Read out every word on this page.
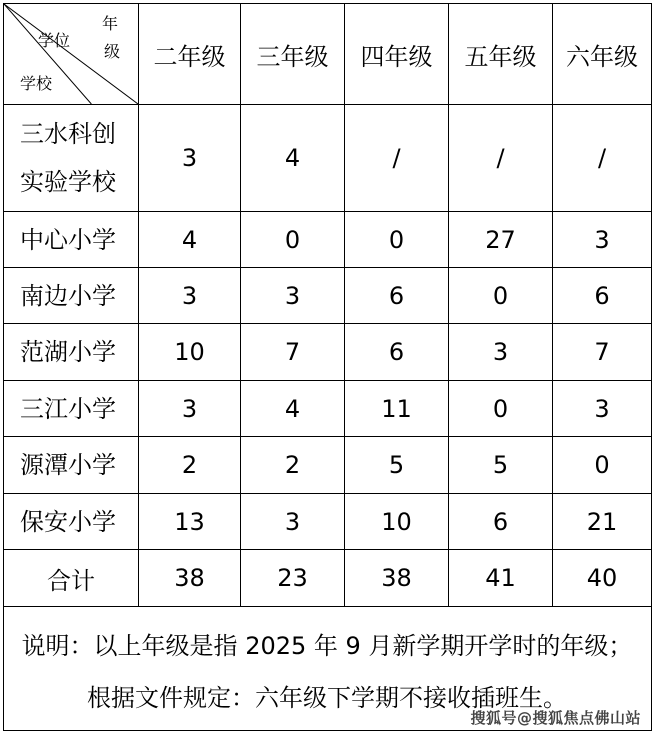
年
级
学位
学校	二年级	三年级	四年级	五年级	六年级

三水科创
实验学校	3	4	/	/	/
中心小学	4	0	0	27	3
南边小学	3	3	6	0	6
范湖小学	10	7	6	3	7
三江小学	3	4	11	0	3
源潭小学	2	2	5	5	0
保安小学	13	3	10	6	21
合计	38	23	38	41	40
说明：以上年级是指 2025 年 9 月新学期开学时的年级；
根据文件规定：六年级下学期不接收插班生。
搜狐号@搜狐焦点佛山站
